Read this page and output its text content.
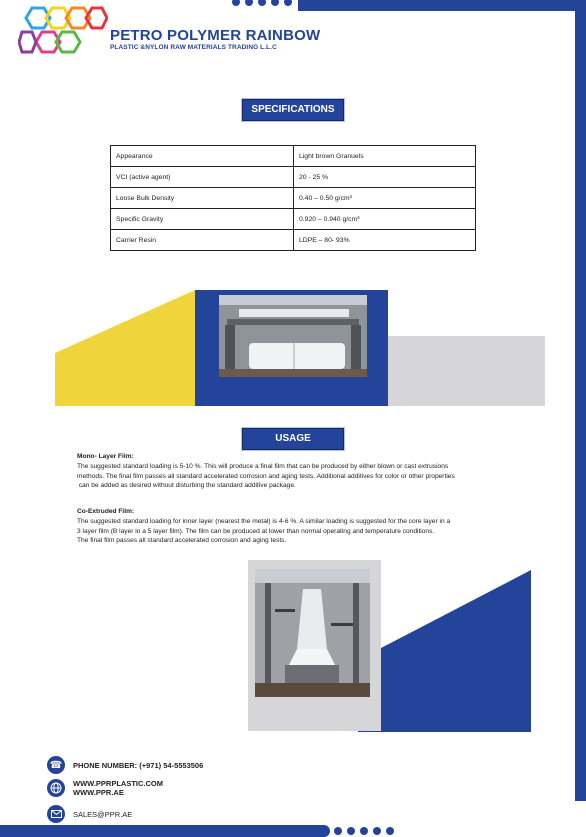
PETRO POLYMER RAINBOW
PLASTIC &NYLON RAW MATERIALS TRADING L.L.C
SPECIFICATIONS
Appearance	Light brown Granuels
VCI (active agent)	20 - 25 %
Loose Bulk Density	0.40 – 0.50 g/cm³
Specific Gravity	0.920 – 0.940 g/cm³
Carrier Resin	LDPE – 80- 93%
USAGE
Mono- Layer Film:
The suggested standard loading is 5-10 %. This will produce a final film that can be produced by either blown or cast extrusions
methods. The final film passes all standard accelerated corrosion and aging tests. Additional additives for color or other properties
can be added as desired without disturbing the standard additive package.
Co-Extruded Film:
The suggested standard loading for inner layer (nearest the metal) is 4-6 %. A similar loading is suggested for the core layer in a
3 layer film (B layer in a 5 layer film). The film can be produced at lower than normal operating and temperature conditions.
The final film passes all standard accelerated corrosion and aging tests.
☎	PHONE NUMBER: (+971) 54-5553506
WWW.PPRPLASTIC.COM
WWW.PPR.AE
SALES@PPR.AE
